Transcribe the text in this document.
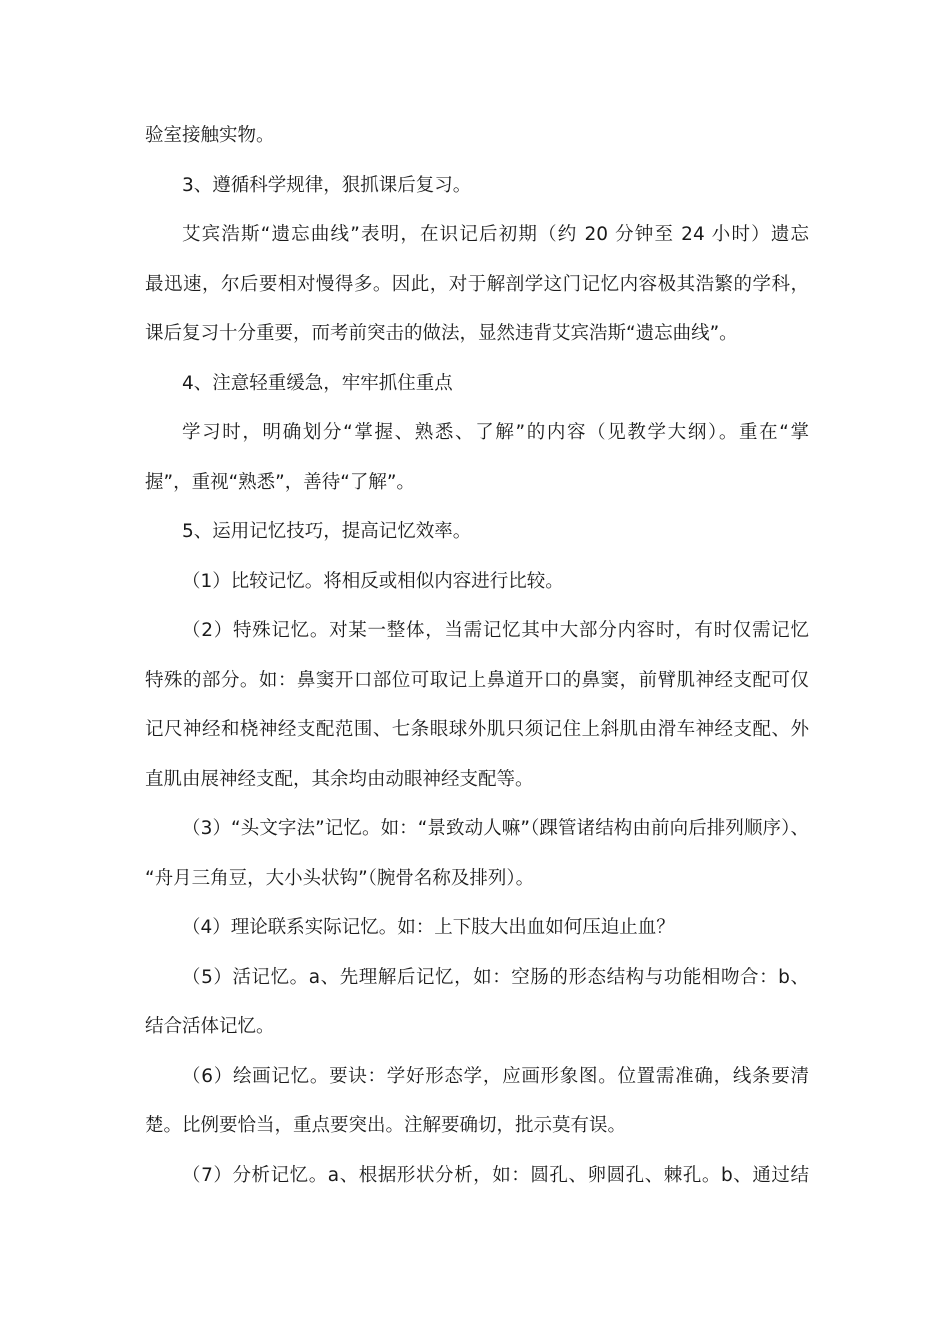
验室接触实物。
3、遵循科学规律，狠抓课后复习。
艾宾浩斯“遗忘曲线”表明，在识记后初期（约 20 分钟至 24 小时）遗忘
最迅速，尔后要相对慢得多。因此，对于解剖学这门记忆内容极其浩繁的学科，
课后复习十分重要，而考前突击的做法，显然违背艾宾浩斯“遗忘曲线”。
4、注意轻重缓急，牢牢抓住重点
学习时，明确划分“掌握、熟悉、了解”的内容（见教学大纲）。重在“掌
握”，重视“熟悉”，善待“了解”。
5、运用记忆技巧，提高记忆效率。
（1）比较记忆。将相反或相似内容进行比较。
（2）特殊记忆。对某一整体，当需记忆其中大部分内容时，有时仅需记忆
特殊的部分。如：鼻窦开口部位可取记上鼻道开口的鼻窦，前臂肌神经支配可仅
记尺神经和桡神经支配范围、七条眼球外肌只须记住上斜肌由滑车神经支配、外
直肌由展神经支配，其余均由动眼神经支配等。
（3）“头文字法”记忆。如：“景致动人嘛”（踝管诸结构由前向后排列顺序）、
“舟月三角豆，大小头状钩”（腕骨名称及排列）。
（4）理论联系实际记忆。如：上下肢大出血如何压迫止血？
（5）活记忆。a、先理解后记忆，如：空肠的形态结构与功能相吻合：b、
结合活体记忆。
（6）绘画记忆。要诀：学好形态学，应画形象图。位置需准确，线条要清
楚。比例要恰当，重点要突出。注解要确切，批示莫有误。
（7）分析记忆。a、根据形状分析，如：圆孔、卵圆孔、棘孔。b、通过结
